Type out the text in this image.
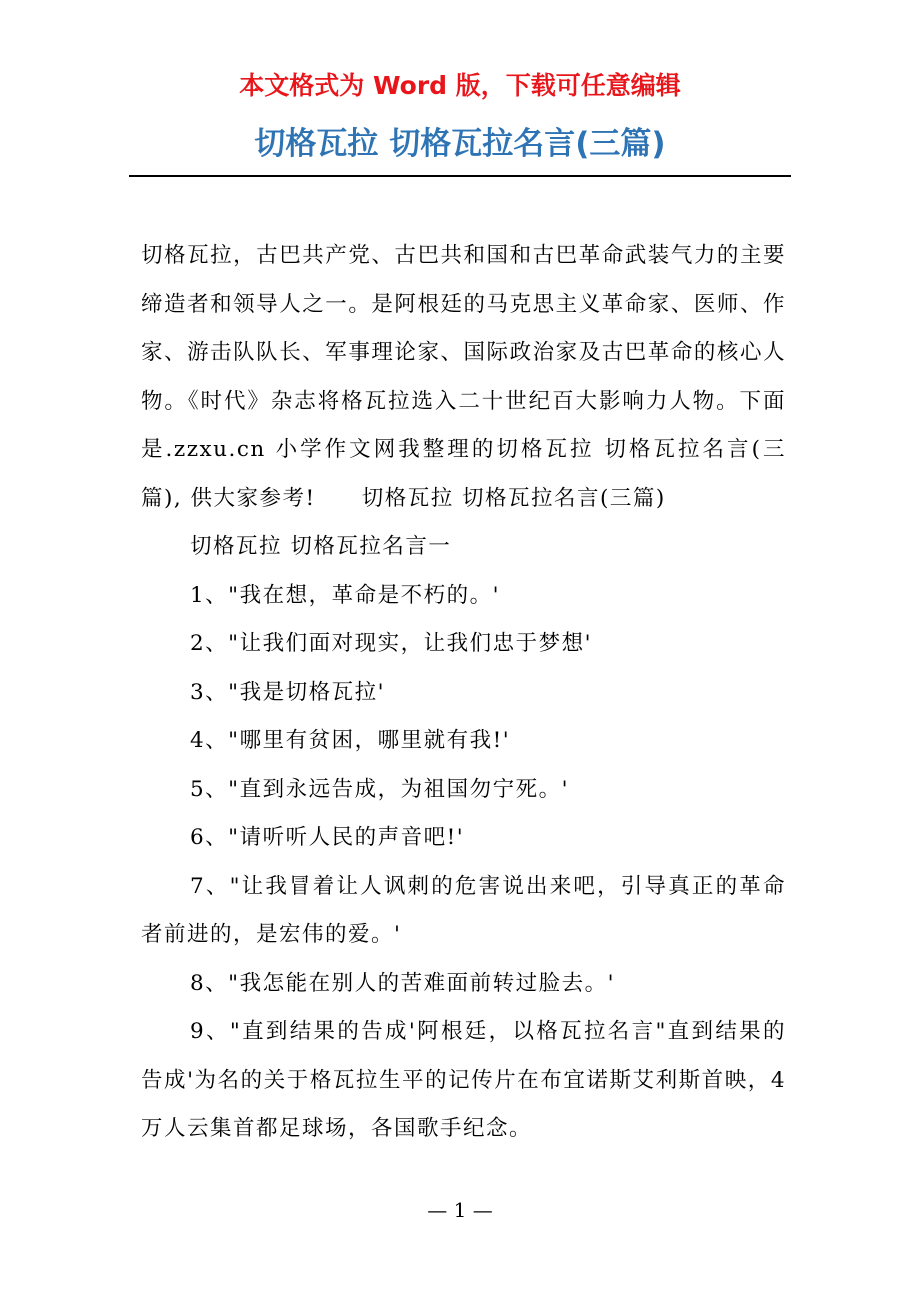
本文格式为 Word 版，下载可任意编辑
切格瓦拉 切格瓦拉名言(三篇)

切格瓦拉，古巴共产党、古巴共和国和古巴革命武装气力的主要缔造者和领导人之一。是阿根廷的马克思主义革命家、医师、作家、游击队队长、军事理论家、国际政治家及古巴革命的核心人物。《时代》杂志将格瓦拉选入二十世纪百大影响力人物。下面是.zzxu.cn 小学作文网我整理的切格瓦拉 切格瓦拉名言(三篇), 供大家参考!　　切格瓦拉 切格瓦拉名言(三篇)

切格瓦拉 切格瓦拉名言一

1、"我在想，革命是不朽的。'

2、"让我们面对现实，让我们忠于梦想'

3、"我是切格瓦拉'

4、"哪里有贫困，哪里就有我!'

5、"直到永远告成，为祖国勿宁死。'

6、"请听听人民的声音吧!'

7、"让我冒着让人讽刺的危害说出来吧，引导真正的革命者前进的，是宏伟的爱。'

8、"我怎能在别人的苦难面前转过脸去。'

9、"直到结果的告成'阿根廷，以格瓦拉名言"直到结果的告成'为名的关于格瓦拉生平的记传片在布宜诺斯艾利斯首映，4 万人云集首都足球场，各国歌手纪念。

— 1 —
